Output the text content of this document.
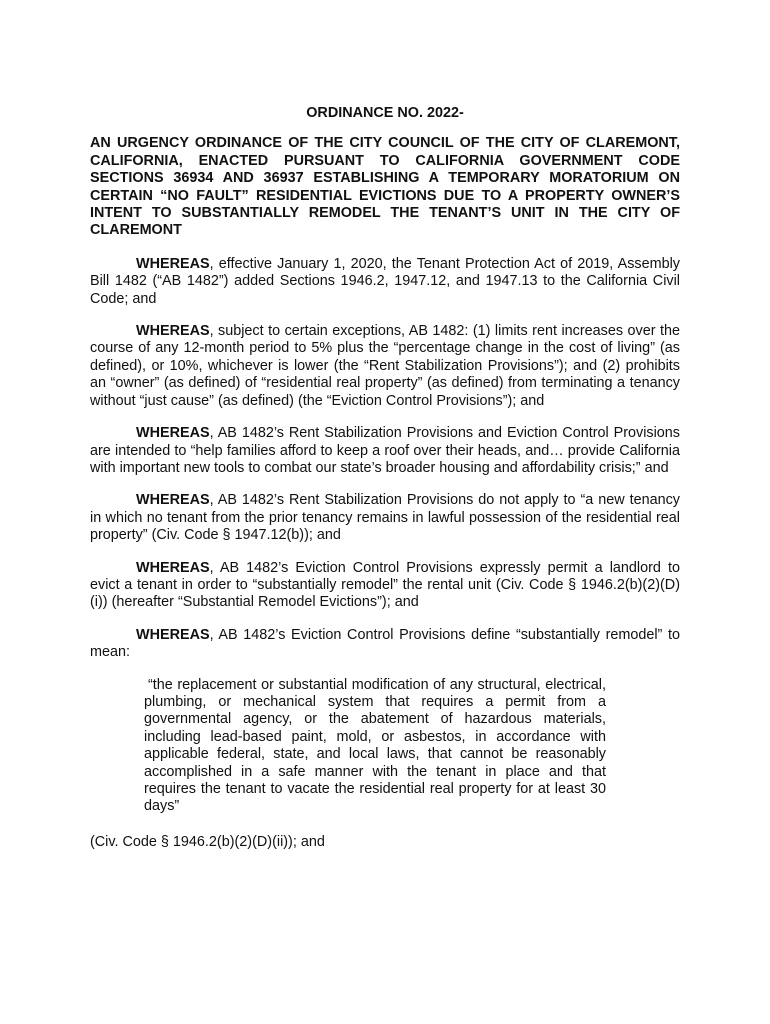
ORDINANCE NO. 2022-
AN URGENCY ORDINANCE OF THE CITY COUNCIL OF THE CITY OF CLAREMONT, CALIFORNIA, ENACTED PURSUANT TO CALIFORNIA GOVERNMENT CODE SECTIONS 36934 AND 36937 ESTABLISHING A TEMPORARY MORATORIUM ON CERTAIN “NO FAULT” RESIDENTIAL EVICTIONS DUE TO A PROPERTY OWNER’S INTENT TO SUBSTANTIALLY REMODEL THE TENANT’S UNIT IN THE CITY OF CLAREMONT

WHEREAS, effective January 1, 2020, the Tenant Protection Act of 2019, Assembly Bill 1482 (“AB 1482”) added Sections 1946.2, 1947.12, and 1947.13 to the California Civil Code; and

WHEREAS, subject to certain exceptions, AB 1482: (1) limits rent increases over the course of any 12-month period to 5% plus the “percentage change in the cost of living” (as defined), or 10%, whichever is lower (the “Rent Stabilization Provisions”); and (2) prohibits an “owner” (as defined) of “residential real property” (as defined) from terminating a tenancy without “just cause” (as defined) (the “Eviction Control Provisions”); and

WHEREAS, AB 1482’s Rent Stabilization Provisions and Eviction Control Provisions are intended to “help families afford to keep a roof over their heads, and… provide California with important new tools to combat our state’s broader housing and affordability crisis;” and

WHEREAS, AB 1482’s Rent Stabilization Provisions do not apply to “a new tenancy in which no tenant from the prior tenancy remains in lawful possession of the residential real property” (Civ. Code § 1947.12(b)); and

WHEREAS, AB 1482’s Eviction Control Provisions expressly permit a landlord to evict a tenant in order to “substantially remodel” the rental unit (Civ. Code § 1946.2(b)(2)(D)(i)) (hereafter “Substantial Remodel Evictions”); and

WHEREAS, AB 1482’s Eviction Control Provisions define “substantially remodel” to mean:

“the replacement or substantial modification of any structural, electrical, plumbing, or mechanical system that requires a permit from a governmental agency, or the abatement of hazardous materials, including lead-based paint, mold, or asbestos, in accordance with applicable federal, state, and local laws, that cannot be reasonably accomplished in a safe manner with the tenant in place and that requires the tenant to vacate the residential real property for at least 30 days”

(Civ. Code § 1946.2(b)(2)(D)(ii)); and
